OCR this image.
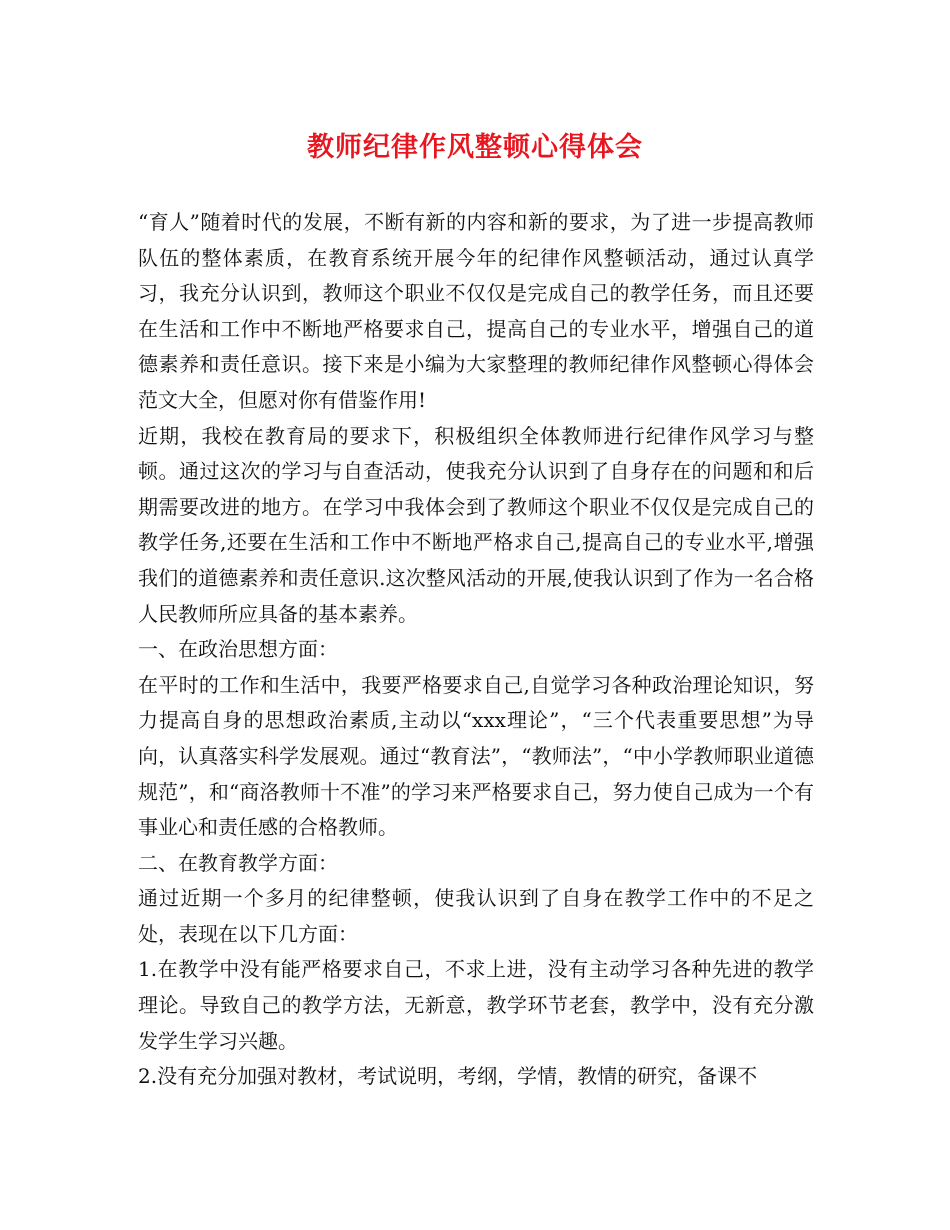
教师纪律作风整顿心得体会

“育人”随着时代的发展，不断有新的内容和新的要求，为了进一步提高教师队伍的整体素质，在教育系统开展今年的纪律作风整顿活动，通过认真学习，我充分认识到，教师这个职业不仅仅是完成自己的教学任务，而且还要在生活和工作中不断地严格要求自己，提高自己的专业水平，增强自己的道德素养和责任意识。接下来是小编为大家整理的教师纪律作风整顿心得体会范文大全，但愿对你有借鉴作用!

近期，我校在教育局的要求下，积极组织全体教师进行纪律作风学习与整顿。通过这次的学习与自查活动，使我充分认识到了自身存在的问题和和后期需要改进的地方。在学习中我体会到了教师这个职业不仅仅是完成自己的教学任务,还要在生活和工作中不断地严格求自己,提高自己的专业水平,增强我们的道德素养和责任意识.这次整风活动的开展,使我认识到了作为一名合格人民教师所应具备的基本素养。

一、在政治思想方面：

在平时的工作和生活中，我要严格要求自己,自觉学习各种政治理论知识，努力提高自身的思想政治素质,主动以“xxx理论”，“三个代表重要思想”为导向，认真落实科学发展观。通过“教育法”，“教师法”，“中小学教师职业道德规范”，和“商洛教师十不准”的学习来严格要求自己，努力使自己成为一个有事业心和责任感的合格教师。

二、在教育教学方面：

通过近期一个多月的纪律整顿，使我认识到了自身在教学工作中的不足之处，表现在以下几方面：

1.在教学中没有能严格要求自己，不求上进，没有主动学习各种先进的教学理论。导致自己的教学方法，无新意，教学环节老套，教学中，没有充分激发学生学习兴趣。

2.没有充分加强对教材，考试说明，考纲，学情，教情的研究，备课不
